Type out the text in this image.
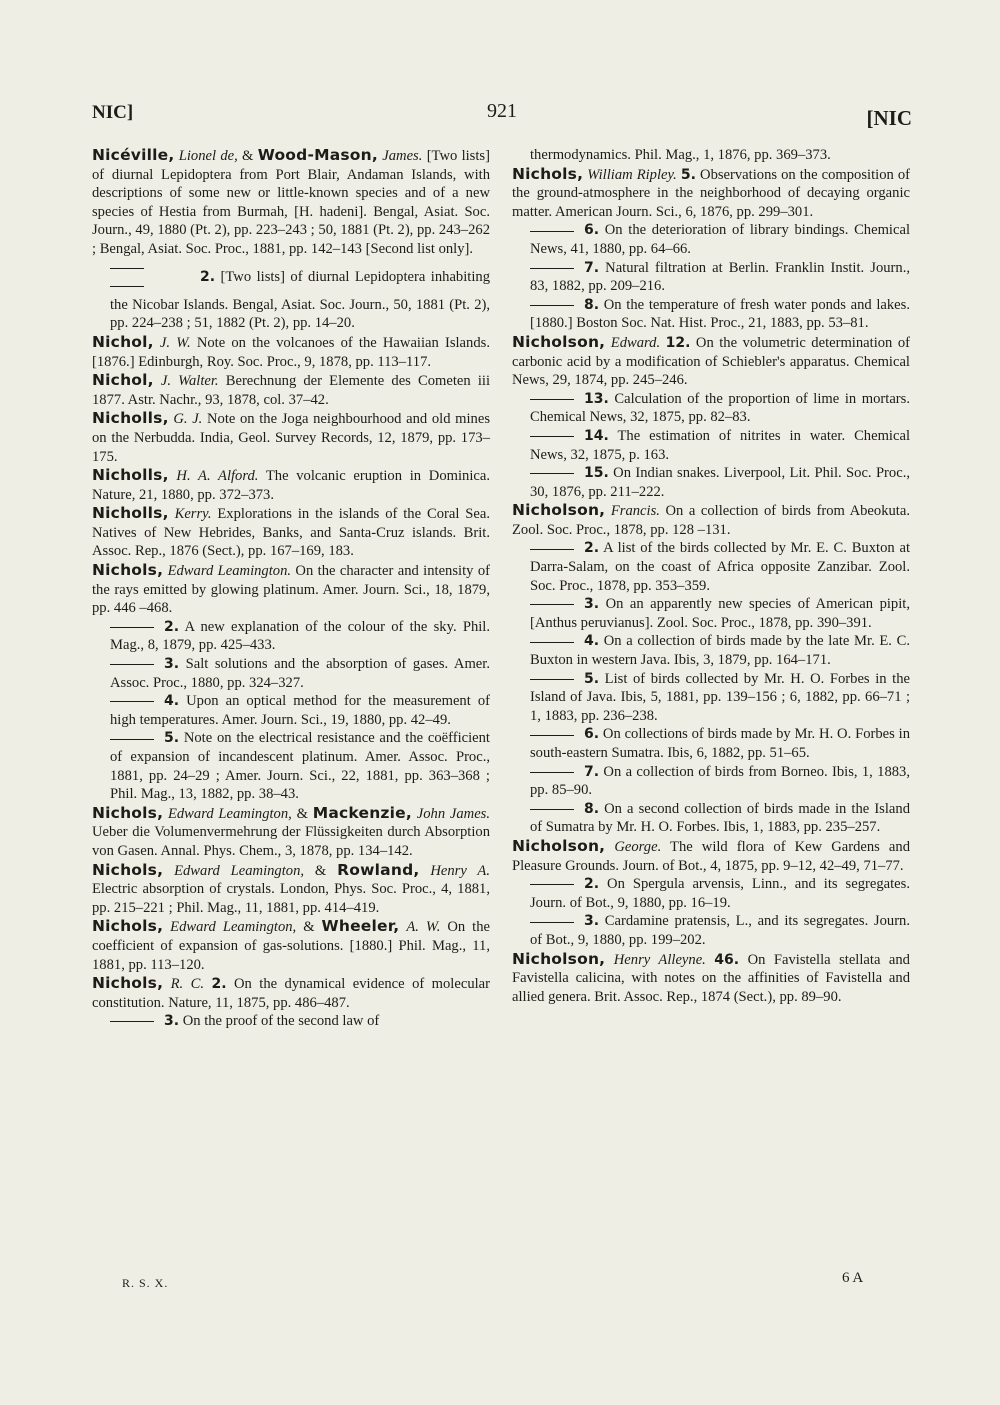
NIC]	921	[NIC

Nicéville, Lionel de, & Wood-Mason, James. [Two lists] of diurnal Lepidoptera from Port Blair, Andaman Islands, with descriptions of some new or little-known species and of a new species of Hestia from Burmah, [H. hadeni]. Bengal, Asiat. Soc. Journ., 49, 1880 (Pt. 2), pp. 223–243 ; 50, 1881 (Pt. 2), pp. 243–262 ; Bengal, Asiat. Soc. Proc., 1881, pp. 142–143 [Second list only].

2. [Two lists] of diurnal Lepidoptera inhabiting the Nicobar Islands. Bengal, Asiat. Soc. Journ., 50, 1881 (Pt. 2), pp. 224–238 ; 51, 1882 (Pt. 2), pp. 14–20.

Nichol, J. W. Note on the volcanoes of the Hawaiian Islands. [1876.] Edinburgh, Roy. Soc. Proc., 9, 1878, pp. 113–117.

Nichol, J. Walter. Berechnung der Elemente des Cometen iii 1877. Astr. Nachr., 93, 1878, col. 37–42.

Nicholls, G. J. Note on the Joga neighbourhood and old mines on the Nerbudda. India, Geol. Survey Records, 12, 1879, pp. 173–175.

Nicholls, H. A. Alford. The volcanic eruption in Dominica. Nature, 21, 1880, pp. 372–373.

Nicholls, Kerry. Explorations in the islands of the Coral Sea. Natives of New Hebrides, Banks, and Santa-Cruz islands. Brit. Assoc. Rep., 1876 (Sect.), pp. 167–169, 183.

Nichols, Edward Leamington. On the character and intensity of the rays emitted by glowing platinum. Amer. Journ. Sci., 18, 1879, pp. 446 –468.

2. A new explanation of the colour of the sky. Phil. Mag., 8, 1879, pp. 425–433.

3. Salt solutions and the absorption of gases. Amer. Assoc. Proc., 1880, pp. 324–327.

4. Upon an optical method for the measurement of high temperatures. Amer. Journ. Sci., 19, 1880, pp. 42–49.

5. Note on the electrical resistance and the coëfficient of expansion of incandescent platinum. Amer. Assoc. Proc., 1881, pp. 24–29 ; Amer. Journ. Sci., 22, 1881, pp. 363–368 ; Phil. Mag., 13, 1882, pp. 38–43.

Nichols, Edward Leamington, & Mackenzie, John James. Ueber die Volumenvermehrung der Flüssigkeiten durch Absorption von Gasen. Annal. Phys. Chem., 3, 1878, pp. 134–142.

Nichols, Edward Leamington, & Rowland, Henry A. Electric absorption of crystals. London, Phys. Soc. Proc., 4, 1881, pp. 215–221 ; Phil. Mag., 11, 1881, pp. 414–419.

Nichols, Edward Leamington, & Wheeler, A. W. On the coefficient of expansion of gas-solutions. [1880.] Phil. Mag., 11, 1881, pp. 113–120.

Nichols, R. C. 2. On the dynamical evidence of molecular constitution. Nature, 11, 1875, pp. 486–487.

3. On the proof of the second law of

thermodynamics. Phil. Mag., 1, 1876, pp. 369–373.

Nichols, William Ripley. 5. Observations on the composition of the ground-atmosphere in the neighborhood of decaying organic matter. American Journ. Sci., 6, 1876, pp. 299–301.

6. On the deterioration of library bindings. Chemical News, 41, 1880, pp. 64–66.

7. Natural filtration at Berlin. Franklin Instit. Journ., 83, 1882, pp. 209–216.

8. On the temperature of fresh water ponds and lakes. [1880.] Boston Soc. Nat. Hist. Proc., 21, 1883, pp. 53–81.

Nicholson, Edward. 12. On the volumetric determination of carbonic acid by a modification of Schiebler's apparatus. Chemical News, 29, 1874, pp. 245–246.

13. Calculation of the proportion of lime in mortars. Chemical News, 32, 1875, pp. 82–83.

14. The estimation of nitrites in water. Chemical News, 32, 1875, p. 163.

15. On Indian snakes. Liverpool, Lit. Phil. Soc. Proc., 30, 1876, pp. 211–222.

Nicholson, Francis. On a collection of birds from Abeokuta. Zool. Soc. Proc., 1878, pp. 128 –131.

2. A list of the birds collected by Mr. E. C. Buxton at Darra-Salam, on the coast of Africa opposite Zanzibar. Zool. Soc. Proc., 1878, pp. 353–359.

3. On an apparently new species of American pipit, [Anthus peruvianus]. Zool. Soc. Proc., 1878, pp. 390–391.

4. On a collection of birds made by the late Mr. E. C. Buxton in western Java. Ibis, 3, 1879, pp. 164–171.

5. List of birds collected by Mr. H. O. Forbes in the Island of Java. Ibis, 5, 1881, pp. 139–156 ; 6, 1882, pp. 66–71 ; 1, 1883, pp. 236–238.

6. On collections of birds made by Mr. H. O. Forbes in south-eastern Sumatra. Ibis, 6, 1882, pp. 51–65.

7. On a collection of birds from Borneo. Ibis, 1, 1883, pp. 85–90.

8. On a second collection of birds made in the Island of Sumatra by Mr. H. O. Forbes. Ibis, 1, 1883, pp. 235–257.

Nicholson, George. The wild flora of Kew Gardens and Pleasure Grounds. Journ. of Bot., 4, 1875, pp. 9–12, 42–49, 71–77.

2. On Spergula arvensis, Linn., and its segregates. Journ. of Bot., 9, 1880, pp. 16–19.

3. Cardamine pratensis, L., and its segregates. Journ. of Bot., 9, 1880, pp. 199–202.

Nicholson, Henry Alleyne. 46. On Favistella stellata and Favistella calicina, with notes on the affinities of Favistella and allied genera. Brit. Assoc. Rep., 1874 (Sect.), pp. 89–90.

R. S. X.	6 A
